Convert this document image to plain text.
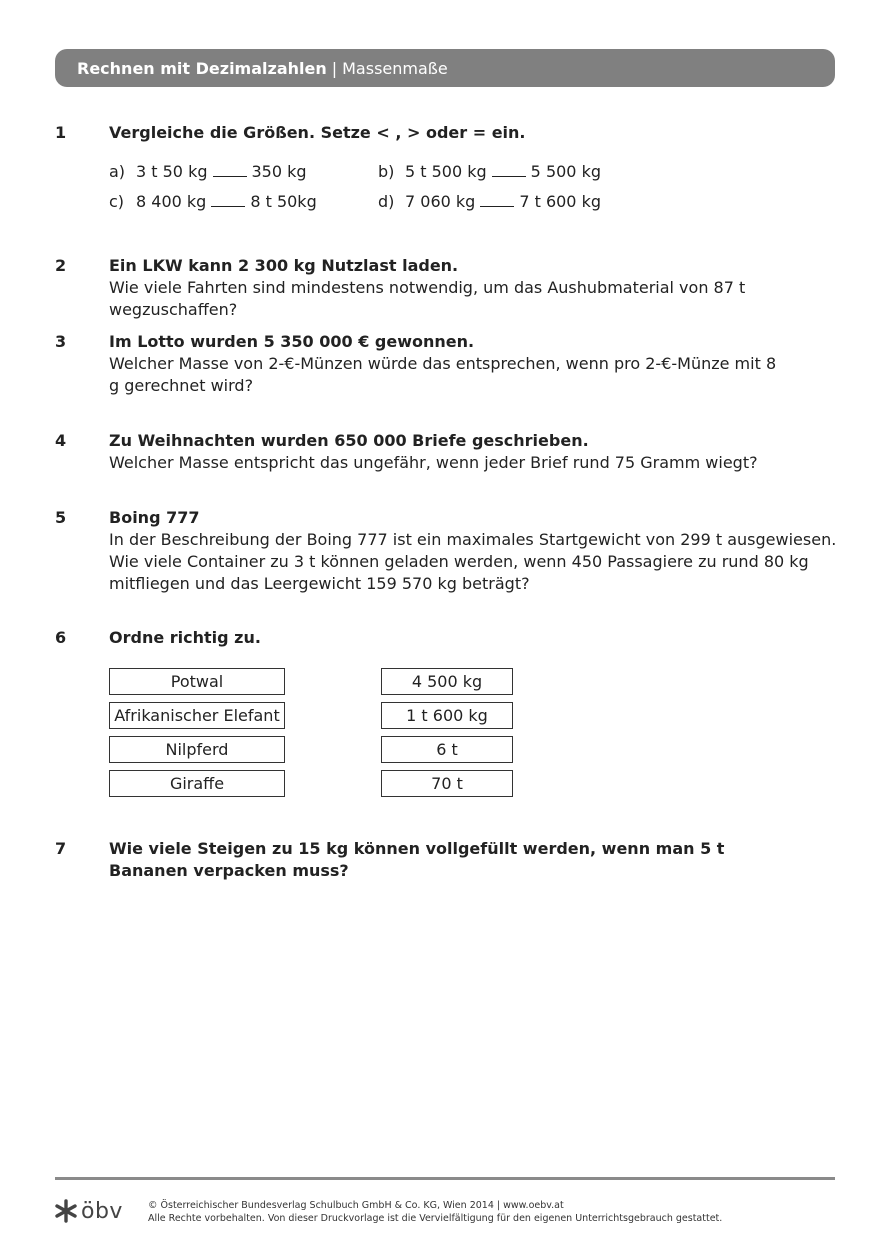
Rechnen mit Dezimalzahlen | Massenmaße
1	Vergleiche die Größen. Setze < , > oder = ein.

a) 3 t 50 kg	350 kg	b) 5 t 500 kg	5 500 kg
c) 8 400 kg	8 t 50kg	d) 7 060 kg	7 t 600 kg
2	Ein LKW kann 2 300 kg Nutzlast laden.

Wie viele Fahrten sind mindestens notwendig, um das Aushubmaterial von 87 t wegzuschaffen?

3	Im Lotto wurden 5 350 000 € gewonnen.

Welcher Masse von 2-€-Münzen würde das entsprechen, wenn pro 2-€-Münze mit 8 g gerechnet wird?

4	Zu Weihnachten wurden 650 000 Briefe geschrieben.

Welcher Masse entspricht das ungefähr, wenn jeder Brief rund 75 Gramm wiegt?

5	Boing 777

In der Beschreibung der Boing 777 ist ein maximales Startgewicht von 299 t ausgewiesen.

Wie viele Container zu 3 t können geladen werden, wenn 450 Passagiere zu rund 80 kg mitfliegen und das Leergewicht 159 570 kg beträgt?

6	Ordne richtig zu.

Potwal
Afrikanischer Elefant
Nilpferd
Giraffe
4 500 kg
1 t 600 kg
6 t
70 t
7	Wie viele Steigen zu 15 kg können vollgefüllt werden, wenn man 5 t Bananen verpacken muss?

öbv	© Österreichischer Bundesverlag Schulbuch GmbH & Co. KG, Wien 2014 | www.oebv.at
Alle Rechte vorbehalten. Von dieser Druckvorlage ist die Vervielfältigung für den eigenen Unterrichtsgebrauch gestattet.
